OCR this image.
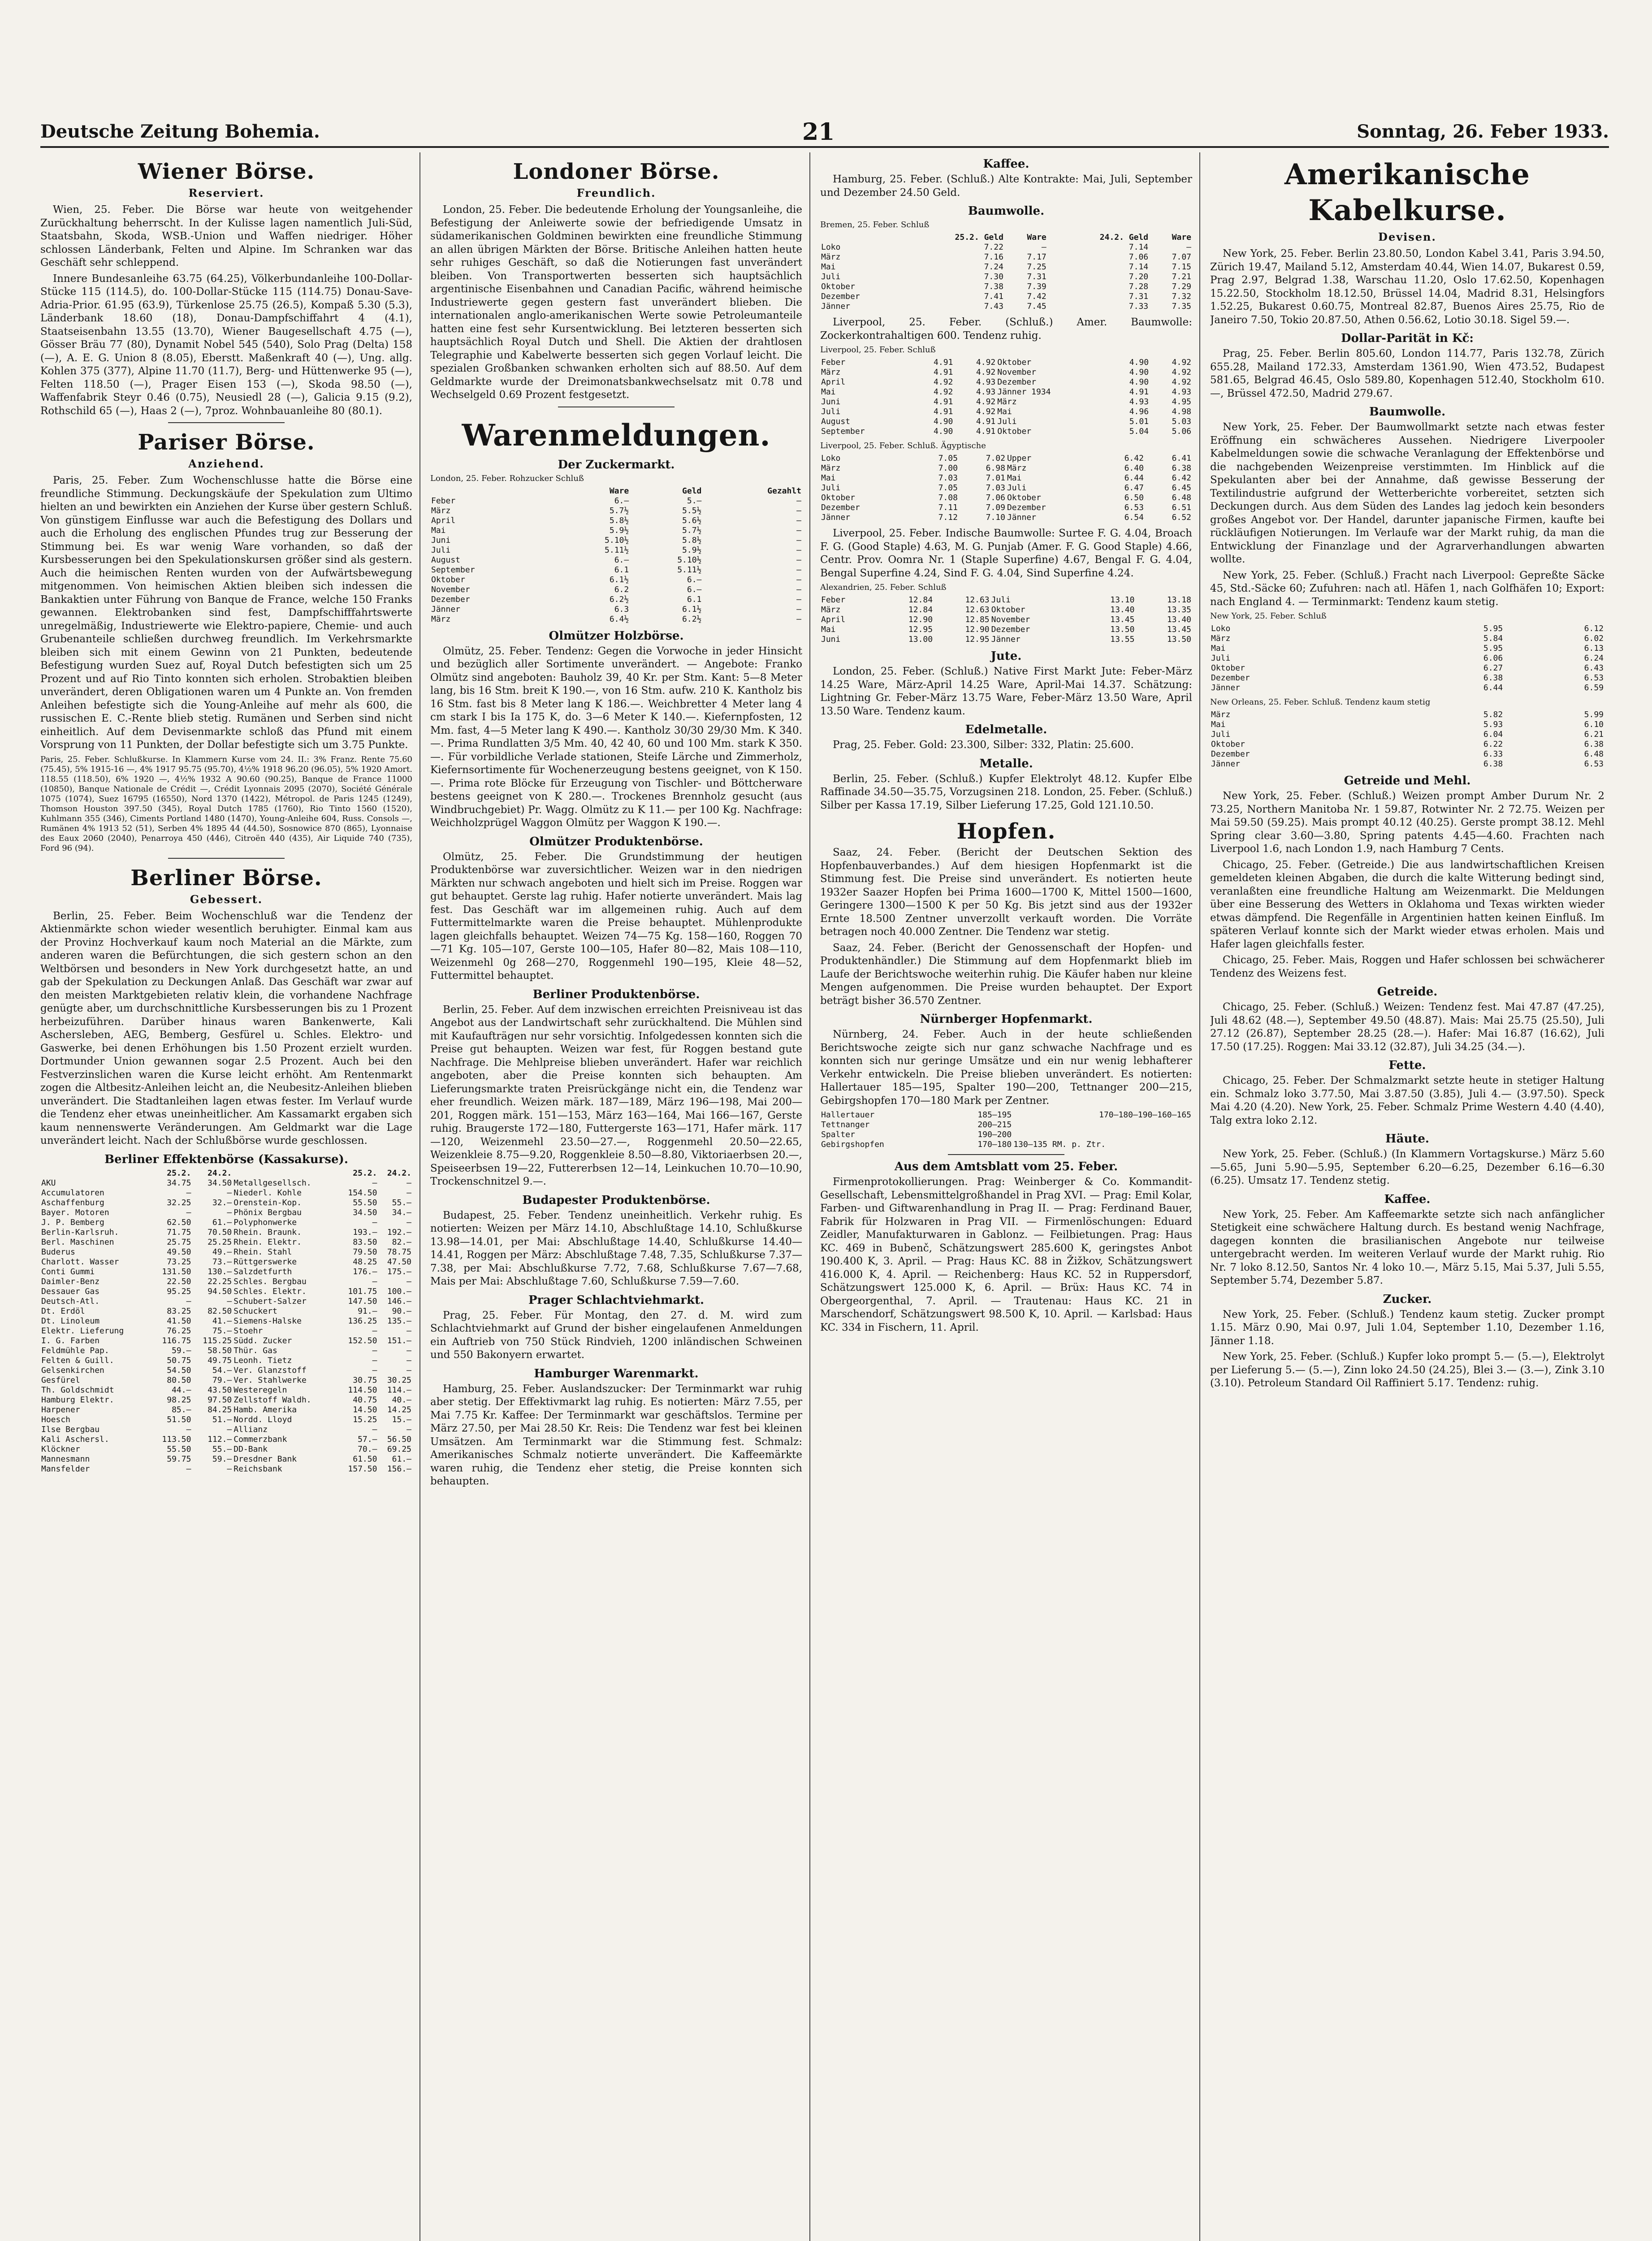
Deutsche Zeitung Bohemia.	21	Sonntag, 26. Feber 1933.
Wiener Börse.
Reserviert.

Wien, 25. Feber. Die Börse war heute von weitgehender Zurückhaltung beherrscht. In der Kulisse lagen namentlich Juli-Süd, Staatsbahn, Skoda, WSB.-Union und Waffen niedriger. Höher schlossen Länderbank, Felten und Alpine. Im Schranken war das Geschäft sehr schleppend.

Innere Bundesanleihe 63.75 (64.25), Völkerbundanleihe 100-Dollar-Stücke 115 (114.5), do. 100-Dollar-Stücke 115 (114.75) Donau-Save-Adria-Prior. 61.95 (63.9), Türkenlose 25.75 (26.5), Kompaß 5.30 (5.3), Länderbank 18.60 (18), Donau-Dampfschiffahrt 4 (4.1), Staatseisenbahn 13.55 (13.70), Wiener Baugesellschaft 4.75 (—), Gösser Bräu 77 (80), Dynamit Nobel 545 (540), Solo Prag (Delta) 158 (—), A. E. G. Union 8 (8.05), Eberstt. Maßenkraft 40 (—), Ung. allg. Kohlen 375 (377), Alpine 11.70 (11.7), Berg- und Hüttenwerke 95 (—), Felten 118.50 (—), Prager Eisen 153 (—), Skoda 98.50 (—), Waffenfabrik Steyr 0.46 (0.75), Neusiedl 28 (—), Galicia 9.15 (9.2), Rothschild 65 (—), Haas 2 (—), 7proz. Wohnbauanleihe 80 (80.1).

Pariser Börse.
Anziehend.

Paris, 25. Feber. Zum Wochenschlusse hatte die Börse eine freundliche Stimmung. Deckungskäufe der Spekulation zum Ultimo hielten an und bewirkten ein Anziehen der Kurse über gestern Schluß. Von günstigem Einflusse war auch die Befestigung des Dollars und auch die Erholung des englischen Pfundes trug zur Besserung der Stimmung bei. Es war wenig Ware vorhanden, so daß der Kursbesserungen bei den Spekulationskursen größer sind als gestern. Auch die heimischen Renten wurden von der Aufwärtsbewegung mitgenommen. Von heimischen Aktien bleiben sich indessen die Bankaktien unter Führung von Banque de France, welche 150 Franks gewannen. Elektrobanken sind fest, Dampfschifffahrtswerte unregelmäßig, Industriewerte wie Elektro-papiere, Chemie- und auch Grubenanteile schließen durchweg freundlich. Im Verkehrsmarkte bleiben sich mit einem Gewinn von 21 Punkten, bedeutende Befestigung wurden Suez auf, Royal Dutch befestigten sich um 25 Prozent und auf Rio Tinto konnten sich erholen. Strobaktien bleiben unverändert, deren Obligationen waren um 4 Punkte an. Von fremden Anleihen befestigte sich die Young-Anleihe auf mehr als 600, die russischen E. C.-Rente blieb stetig. Rumänen und Serben sind nicht einheitlich. Auf dem Devisenmarkte schloß das Pfund mit einem Vorsprung von 11 Punkten, der Dollar befestigte sich um 3.75 Punkte.

Paris, 25. Feber. Schlußkurse. In Klammern Kurse vom 24. II.: 3% Franz. Rente 75.60 (75.45), 5% 1915-16 —, 4% 1917 95.75 (95.70), 4½% 1918 96.20 (96.05), 5% 1920 Amort. 118.55 (118.50), 6% 1920 —, 4½% 1932 A 90.60 (90.25), Banque de France 11000 (10850), Banque Nationale de Crédit —, Crédit Lyonnais 2095 (2070), Société Générale 1075 (1074), Suez 16795 (16550), Nord 1370 (1422), Métropol. de Paris 1245 (1249), Thomson Houston 397.50 (345), Royal Dutch 1785 (1760), Rio Tinto 1560 (1520), Kuhlmann 355 (346), Ciments Portland 1480 (1470), Young-Anleihe 604, Russ. Consols —, Rumänen 4% 1913 52 (51), Serben 4% 1895 44 (44.50), Sosnowice 870 (865), Lyonnaise des Eaux 2060 (2040), Penarroya 450 (446), Citroën 440 (435), Air Liquide 740 (735), Ford 96 (94).

Berliner Börse.
Gebessert.

Berlin, 25. Feber. Beim Wochenschluß war die Tendenz der Aktienmärkte schon wieder wesentlich beruhigter. Einmal kam aus der Provinz Hochverkauf kaum noch Material an die Märkte, zum anderen waren die Befürchtungen, die sich gestern schon an den Weltbörsen und besonders in New York durchgesetzt hatte, an und gab der Spekulation zu Deckungen Anlaß. Das Geschäft war zwar auf den meisten Marktgebieten relativ klein, die vorhandene Nachfrage genügte aber, um durchschnittliche Kursbesserungen bis zu 1 Prozent herbeizuführen. Darüber hinaus waren Bankenwerte, Kali Aschersleben, AEG, Bemberg, Gesfürel u. Schles. Elektro- und Gaswerke, bei denen Erhöhungen bis 1.50 Prozent erzielt wurden. Dortmunder Union gewannen sogar 2.5 Prozent. Auch bei den Festverzinslichen waren die Kurse leicht erhöht. Am Rentenmarkt zogen die Altbesitz-Anleihen leicht an, die Neubesitz-Anleihen blieben unverändert. Die Stadtanleihen lagen etwas fester. Im Verlauf wurde die Tendenz eher etwas uneinheitlicher. Am Kassamarkt ergaben sich kaum nennenswerte Veränderungen. Am Geldmarkt war die Lage unverändert leicht. Nach der Schlußbörse wurde geschlossen.

Berliner Effektenbörse (Kassakurse).
	25.2.	24.2.		25.2.	24.2.
AKU	34.75	34.50	Metallgesellsch.	—	—
Accumulatoren	—	—	Niederl. Kohle	154.50	—
Aschaffenburg	32.25	32.—	Orenstein-Kop.	55.50	55.—
Bayer. Motoren	—	—	Phönix Bergbau	34.50	34.—
J. P. Bemberg	62.50	61.—	Polyphonwerke	—	—
Berlin-Karlsruh.	71.75	70.50	Rhein. Braunk.	193.—	192.—
Berl. Maschinen	25.75	25.25	Rhein. Elektr.	83.50	82.—
Buderus	49.50	49.—	Rhein. Stahl	79.50	78.75
Charlott. Wasser	73.25	73.—	Rüttgerswerke	48.25	47.50
Conti Gummi	131.50	130.—	Salzdetfurth	176.—	175.—
Daimler-Benz	22.50	22.25	Schles. Bergbau	—	—
Dessauer Gas	95.25	94.50	Schles. Elektr.	101.75	100.—
Deutsch-Atl.	—	—	Schubert-Salzer	147.50	146.—
Dt. Erdöl	83.25	82.50	Schuckert	91.—	90.—
Dt. Linoleum	41.50	41.—	Siemens-Halske	136.25	135.—
Elektr. Lieferung	76.25	75.—	Stoehr	—	—
I. G. Farben	116.75	115.25	Südd. Zucker	152.50	151.—
Feldmühle Pap.	59.—	58.50	Thür. Gas	—	—
Felten & Guill.	50.75	49.75	Leonh. Tietz	—	—
Gelsenkirchen	54.50	54.—	Ver. Glanzstoff	—	—
Gesfürel	80.50	79.—	Ver. Stahlwerke	30.75	30.25
Th. Goldschmidt	44.—	43.50	Westeregeln	114.50	114.—
Hamburg Elektr.	98.25	97.50	Zellstoff Waldh.	40.75	40.—
Harpener	85.—	84.25	Hamb. Amerika	14.50	14.25
Hoesch	51.50	51.—	Nordd. Lloyd	15.25	15.—
Ilse Bergbau	—	—	Allianz	—	—
Kali Aschersl.	113.50	112.—	Commerzbank	57.—	56.50
Klöckner	55.50	55.—	DD-Bank	70.—	69.25
Mannesmann	59.75	59.—	Dresdner Bank	61.50	61.—
Mansfelder	—	—	Reichsbank	157.50	156.—
Londoner Börse.
Freundlich.

London, 25. Feber. Die bedeutende Erholung der Youngsanleihe, die Befestigung der Anleiwerte sowie der befriedigende Umsatz in südamerikanischen Goldminen bewirkten eine freundliche Stimmung an allen übrigen Märkten der Börse. Britische Anleihen hatten heute sehr ruhiges Geschäft, so daß die Notierungen fast unverändert bleiben. Von Transportwerten besserten sich hauptsächlich argentinische Eisenbahnen und Canadian Pacific, während heimische Industriewerte gegen gestern fast unverändert blieben. Die internationalen anglo-amerikanischen Werte sowie Petroleumanteile hatten eine fest sehr Kursentwicklung. Bei letzteren besserten sich hauptsächlich Royal Dutch und Shell. Die Aktien der drahtlosen Telegraphie und Kabelwerte besserten sich gegen Vorlauf leicht. Die spezialen Großbanken schwanken erholten sich auf 88.50. Auf dem Geldmarkte wurde der Dreimonatsbankwechselsatz mit 0.78 und Wechselgeld 0.69 Prozent festgesetzt.

Warenmeldungen.
Der Zuckermarkt.

London, 25. Feber. Rohzucker Schluß

	Ware	Geld	Gezahlt
Feber	6.—	5.—	—
März	5.7½	5.5½	—
April	5.8½	5.6½	—
Mai	5.9½	5.7½	—
Juni	5.10½	5.8½	—
Juli	5.11½	5.9½	—
August	6.—	5.10½	—
September	6.1	5.11½	—
Oktober	6.1½	6.—	—
November	6.2	6.—	—
Dezember	6.2½	6.1	—
Jänner	6.3	6.1½	—
März	6.4½	6.2½	—
Olmützer Holzbörse.

Olmütz, 25. Feber. Tendenz: Gegen die Vorwoche in jeder Hinsicht und bezüglich aller Sortimente unverändert. — Angebote: Franko Olmütz sind angeboten: Bauholz 39, 40 Kr. per Stm. Kant: 5—8 Meter lang, bis 16 Stm. breit K 190.—, von 16 Stm. aufw. 210 K. Kantholz bis 16 Stm. fast bis 8 Meter lang K 186.—. Weichbretter 4 Meter lang 4 cm stark I bis Ia 175 K, do. 3—6 Meter K 140.—. Kiefernpfosten, 12 Mm. fast, 4—5 Meter lang K 490.—. Kantholz 30/30 29/30 Mm. K 340.—. Prima Rundlatten 3/5 Mm. 40, 42 40, 60 und 100 Mm. stark K 350.—. Für vorbildliche Verlade stationen, Steife Lärche und Zimmerholz, Kiefernsortimente für Wochenerzeugung bestens geeignet, von K 150.—. Prima rote Blöcke für Erzeugung von Tischler- und Böttcherware bestens geeignet von K 280.—. Trockenes Brennholz gesucht (aus Windbruchgebiet) Pr. Wagg. Olmütz zu K 11.— per 100 Kg. Nachfrage: Weichholzprügel Waggon Olmütz per Waggon K 190.—.

Olmützer Produktenbörse.

Olmütz, 25. Feber. Die Grundstimmung der heutigen Produktenbörse war zuversichtlicher. Weizen war in den niedrigen Märkten nur schwach angeboten und hielt sich im Preise. Roggen war gut behauptet. Gerste lag ruhig. Hafer notierte unverändert. Mais lag fest. Das Geschäft war im allgemeinen ruhig. Auch auf dem Futtermittelmarkte waren die Preise behauptet. Mühlenprodukte lagen gleichfalls behauptet. Weizen 74—75 Kg. 158—160, Roggen 70—71 Kg. 105—107, Gerste 100—105, Hafer 80—82, Mais 108—110, Weizenmehl 0g 268—270, Roggenmehl 190—195, Kleie 48—52, Futtermittel behauptet.

Berliner Produktenbörse.

Berlin, 25. Feber. Auf dem inzwischen erreichten Preisniveau ist das Angebot aus der Landwirtschaft sehr zurückhaltend. Die Mühlen sind mit Kaufaufträgen nur sehr vorsichtig. Infolgedessen konnten sich die Preise gut behaupten. Weizen war fest, für Roggen bestand gute Nachfrage. Die Mehlpreise blieben unverändert. Hafer war reichlich angeboten, aber die Preise konnten sich behaupten. Am Lieferungsmarkte traten Preisrückgänge nicht ein, die Tendenz war eher freundlich. Weizen märk. 187—189, März 196—198, Mai 200—201, Roggen märk. 151—153, März 163—164, Mai 166—167, Gerste ruhig. Braugerste 172—180, Futtergerste 163—171, Hafer märk. 117—120, Weizenmehl 23.50—27.—, Roggenmehl 20.50—22.65, Weizenkleie 8.75—9.20, Roggenkleie 8.50—8.80, Viktoriaerbsen 20.—, Speiseerbsen 19—22, Futtererbsen 12—14, Leinkuchen 10.70—10.90, Trockenschnitzel 9.—.

Budapester Produktenbörse.

Budapest, 25. Feber. Tendenz uneinheitlich. Verkehr ruhig. Es notierten: Weizen per März 14.10, Abschlußtage 14.10, Schlußkurse 13.98—14.01, per Mai: Abschlußtage 14.40, Schlußkurse 14.40—14.41, Roggen per März: Abschlußtage 7.48, 7.35, Schlußkurse 7.37—7.38, per Mai: Abschlußkurse 7.72, 7.68, Schlußkurse 7.67—7.68, Mais per Mai: Abschlußtage 7.60, Schlußkurse 7.59—7.60.

Prager Schlachtviehmarkt.

Prag, 25. Feber. Für Montag, den 27. d. M. wird zum Schlachtviehmarkt auf Grund der bisher eingelaufenen Anmeldungen ein Auftrieb von 750 Stück Rindvieh, 1200 inländischen Schweinen und 550 Bakonyern erwartet.

Hamburger Warenmarkt.

Hamburg, 25. Feber. Auslandszucker: Der Terminmarkt war ruhig aber stetig. Der Effektivmarkt lag ruhig. Es notierten: März 7.55, per Mai 7.75 Kr. Kaffee: Der Terminmarkt war geschäftslos. Termine per März 27.50, per Mai 28.50 Kr. Reis: Die Tendenz war fest bei kleinen Umsätzen. Am Terminmarkt war die Stimmung fest. Schmalz: Amerikanisches Schmalz notierte unverändert. Die Kaffeemärkte waren ruhig, die Tendenz eher stetig, die Preise konnten sich behaupten.

Kaffee.

Hamburg, 25. Feber. (Schluß.) Alte Kontrakte: Mai, Juli, September und Dezember 24.50 Geld.

Baumwolle.

Bremen, 25. Feber. Schluß

	25.2. Geld	Ware	24.2. Geld	Ware
Loko	7.22	—	7.14	—
März	7.16	7.17	7.06	7.07
Mai	7.24	7.25	7.14	7.15
Juli	7.30	7.31	7.20	7.21
Oktober	7.38	7.39	7.28	7.29
Dezember	7.41	7.42	7.31	7.32
Jänner	7.43	7.45	7.33	7.35

Liverpool, 25. Feber. (Schluß.) Amer. Baumwolle: Zockerkontrahaltigen 600. Tendenz ruhig.

Liverpool, 25. Feber. Schluß

Feber	4.91	4.92	Oktober	4.90	4.92
März	4.91	4.92	November	4.90	4.92
April	4.92	4.93	Dezember	4.90	4.92
Mai	4.92	4.93	Jänner 1934	4.91	4.93
Juni	4.91	4.92	März	4.93	4.95
Juli	4.91	4.92	Mai	4.96	4.98
August	4.90	4.91	Juli	5.01	5.03
September	4.90	4.91	Oktober	5.04	5.06

Liverpool, 25. Feber. Schluß. Ägyptische

Loko	7.05	7.02	Upper	6.42	6.41
März	7.00	6.98	März	6.40	6.38
Mai	7.03	7.01	Mai	6.44	6.42
Juli	7.05	7.03	Juli	6.47	6.45
Oktober	7.08	7.06	Oktober	6.50	6.48
Dezember	7.11	7.09	Dezember	6.53	6.51
Jänner	7.12	7.10	Jänner	6.54	6.52

Liverpool, 25. Feber. Indische Baumwolle: Surtee F. G. 4.04, Broach F. G. (Good Staple) 4.63, M. G. Punjab (Amer. F. G. Good Staple) 4.66, Centr. Prov. Oomra Nr. 1 (Staple Superfine) 4.67, Bengal F. G. 4.04, Bengal Superfine 4.24, Sind F. G. 4.04, Sind Superfine 4.24.

Alexandrien, 25. Feber. Schluß

Feber	12.84	12.63	Juli	13.10	13.18
März	12.84	12.63	Oktober	13.40	13.35
April	12.90	12.85	November	13.45	13.40
Mai	12.95	12.90	Dezember	13.50	13.45
Juni	13.00	12.95	Jänner	13.55	13.50
Jute.

London, 25. Feber. (Schluß.) Native First Markt Jute: Feber-März 14.25 Ware, März-April 14.25 Ware, April-Mai 14.37. Schätzung: Lightning Gr. Feber-März 13.75 Ware, Feber-März 13.50 Ware, April 13.50 Ware. Tendenz kaum.

Edelmetalle.

Prag, 25. Feber. Gold: 23.300, Silber: 332, Platin: 25.600.

Metalle.

Berlin, 25. Feber. (Schluß.) Kupfer Elektrolyt 48.12. Kupfer Elbe Raffinade 34.50—35.75, Vorzugsinen 218. London, 25. Feber. (Schluß.) Silber per Kassa 17.19, Silber Lieferung 17.25, Gold 121.10.50.

Hopfen.

Saaz, 24. Feber. (Bericht der Deutschen Sektion des Hopfenbauverbandes.) Auf dem hiesigen Hopfenmarkt ist die Stimmung fest. Die Preise sind unverändert. Es notierten heute 1932er Saazer Hopfen bei Prima 1600—1700 K, Mittel 1500—1600, Geringere 1300—1500 K per 50 Kg. Bis jetzt sind aus der 1932er Ernte 18.500 Zentner unverzollt verkauft worden. Die Vorräte betragen noch 40.000 Zentner. Die Tendenz war stetig.

Saaz, 24. Feber. (Bericht der Genossenschaft der Hopfen- und Produktenhändler.) Die Stimmung auf dem Hopfenmarkt blieb im Laufe der Berichtswoche weiterhin ruhig. Die Käufer haben nur kleine Mengen aufgenommen. Die Preise wurden behauptet. Der Export beträgt bisher 36.570 Zentner.

Nürnberger Hopfenmarkt.

Nürnberg, 24. Feber. Auch in der heute schließenden Berichtswoche zeigte sich nur ganz schwache Nachfrage und es konnten sich nur geringe Umsätze und ein nur wenig lebhafterer Verkehr entwickeln. Die Preise blieben unverändert. Es notierten: Hallertauer 185—195, Spalter 190—200, Tettnanger 200—215, Gebirgshopfen 170—180 Mark per Zentner.

Hallertauer	185—195	170—180—190—160—165
Tettnanger	200—215	
Spalter	190—200	
Gebirgshopfen	170—180	130—135 RM. p. Ztr.
Aus dem Amtsblatt vom 25. Feber.

Firmenprotokollierungen. Prag: Weinberger & Co. Kommandit-Gesellschaft, Lebensmittelgroßhandel in Prag XVI. — Prag: Emil Kolar, Farben- und Giftwarenhandlung in Prag II. — Prag: Ferdinand Bauer, Fabrik für Holzwaren in Prag VII. — Firmenlöschungen: Eduard Zeidler, Manufakturwaren in Gablonz. — Feilbietungen. Prag: Haus KC. 469 in Bubenč, Schätzungswert 285.600 K, geringstes Anbot 190.400 K, 3. April. — Prag: Haus KC. 88 in Žižkov, Schätzungswert 416.000 K, 4. April. — Reichenberg: Haus KC. 52 in Ruppersdorf, Schätzungswert 125.000 K, 6. April. — Brüx: Haus KC. 74 in Obergeorgenthal, 7. April. — Trautenau: Haus KC. 21 in Marschendorf, Schätzungswert 98.500 K, 10. April. — Karlsbad: Haus KC. 334 in Fischern, 11. April.

Amerikanische Kabelkurse.
Devisen.

New York, 25. Feber. Berlin 23.80.50, London Kabel 3.41, Paris 3.94.50, Zürich 19.47, Mailand 5.12, Amsterdam 40.44, Wien 14.07, Bukarest 0.59, Prag 2.97, Belgrad 1.38, Warschau 11.20, Oslo 17.62.50, Kopenhagen 15.22.50, Stockholm 18.12.50, Brüssel 14.04, Madrid 8.31, Helsingfors 1.52.25, Bukarest 0.60.75, Montreal 82.87, Buenos Aires 25.75, Rio de Janeiro 7.50, Tokio 20.87.50, Athen 0.56.62, Lotio 30.18. Sigel 59.—.

Dollar-Parität in Kč:

Prag, 25. Feber. Berlin 805.60, London 114.77, Paris 132.78, Zürich 655.28, Mailand 172.33, Amsterdam 1361.90, Wien 473.52, Budapest 581.65, Belgrad 46.45, Oslo 589.80, Kopenhagen 512.40, Stockholm 610.—, Brüssel 472.50, Madrid 279.67.

Baumwolle.

New York, 25. Feber. Der Baumwollmarkt setzte nach etwas fester Eröffnung ein schwächeres Aussehen. Niedrigere Liverpooler Kabelmeldungen sowie die schwache Veranlagung der Effektenbörse und die nachgebenden Weizenpreise verstimmten. Im Hinblick auf die Spekulanten aber bei der Annahme, daß gewisse Besserung der Textilindustrie aufgrund der Wetterberichte vorbereitet, setzten sich Deckungen durch. Aus dem Süden des Landes lag jedoch kein besonders großes Angebot vor. Der Handel, darunter japanische Firmen, kaufte bei rückläufigen Notierungen. Im Verlaufe war der Markt ruhig, da man die Entwicklung der Finanzlage und der Agrarverhandlungen abwarten wollte.

New York, 25. Feber. (Schluß.) Fracht nach Liverpool: Gepreßte Säcke 45, Std.-Säcke 60; Zufuhren: nach atl. Häfen 1, nach Golfhäfen 10; Export: nach England 4. — Terminmarkt: Tendenz kaum stetig.

New York, 25. Feber. Schluß

Loko	5.95	6.12
März	5.84	6.02
Mai	5.95	6.13
Juli	6.06	6.24
Oktober	6.27	6.43
Dezember	6.38	6.53
Jänner	6.44	6.59

New Orleans, 25. Feber. Schluß. Tendenz kaum stetig

März	5.82	5.99
Mai	5.93	6.10
Juli	6.04	6.21
Oktober	6.22	6.38
Dezember	6.33	6.48
Jänner	6.38	6.53
Getreide und Mehl.

New York, 25. Feber. (Schluß.) Weizen prompt Amber Durum Nr. 2 73.25, Northern Manitoba Nr. 1 59.87, Rotwinter Nr. 2 72.75. Weizen per Mai 59.50 (59.25). Mais prompt 40.12 (40.25). Gerste prompt 38.12. Mehl Spring clear 3.60—3.80, Spring patents 4.45—4.60. Frachten nach Liverpool 1.6, nach London 1.9, nach Hamburg 7 Cents.

Chicago, 25. Feber. (Getreide.) Die aus landwirtschaftlichen Kreisen gemeldeten kleinen Abgaben, die durch die kalte Witterung bedingt sind, veranlaßten eine freundliche Haltung am Weizenmarkt. Die Meldungen über eine Besserung des Wetters in Oklahoma und Texas wirkten wieder etwas dämpfend. Die Regenfälle in Argentinien hatten keinen Einfluß. Im späteren Verlauf konnte sich der Markt wieder etwas erholen. Mais und Hafer lagen gleichfalls fester.

Chicago, 25. Feber. Mais, Roggen und Hafer schlossen bei schwächerer Tendenz des Weizens fest.

Getreide.

Chicago, 25. Feber. (Schluß.) Weizen: Tendenz fest. Mai 47.87 (47.25), Juli 48.62 (48.—), September 49.50 (48.87). Mais: Mai 25.75 (25.50), Juli 27.12 (26.87), September 28.25 (28.—). Hafer: Mai 16.87 (16.62), Juli 17.50 (17.25). Roggen: Mai 33.12 (32.87), Juli 34.25 (34.—).

Fette.

Chicago, 25. Feber. Der Schmalzmarkt setzte heute in stetiger Haltung ein. Schmalz loko 3.77.50, Mai 3.87.50 (3.85), Juli 4.— (3.97.50). Speck Mai 4.20 (4.20). New York, 25. Feber. Schmalz Prime Western 4.40 (4.40), Talg extra loko 2.12.

Häute.

New York, 25. Feber. (Schluß.) (In Klammern Vortagskurse.) März 5.60—5.65, Juni 5.90—5.95, September 6.20—6.25, Dezember 6.16—6.30 (6.25). Umsatz 17. Tendenz stetig.

Kaffee.

New York, 25. Feber. Am Kaffeemarkte setzte sich nach anfänglicher Stetigkeit eine schwächere Haltung durch. Es bestand wenig Nachfrage, dagegen konnten die brasilianischen Angebote nur teilweise untergebracht werden. Im weiteren Verlauf wurde der Markt ruhig. Rio Nr. 7 loko 8.12.50, Santos Nr. 4 loko 10.—, März 5.15, Mai 5.37, Juli 5.55, September 5.74, Dezember 5.87.

Zucker.

New York, 25. Feber. (Schluß.) Tendenz kaum stetig. Zucker prompt 1.15. März 0.90, Mai 0.97, Juli 1.04, September 1.10, Dezember 1.16, Jänner 1.18.

New York, 25. Feber. (Schluß.) Kupfer loko prompt 5.— (5.—), Elektrolyt per Lieferung 5.— (5.—), Zinn loko 24.50 (24.25), Blei 3.— (3.—), Zink 3.10 (3.10). Petroleum Standard Oil Raffiniert 5.17. Tendenz: ruhig.
